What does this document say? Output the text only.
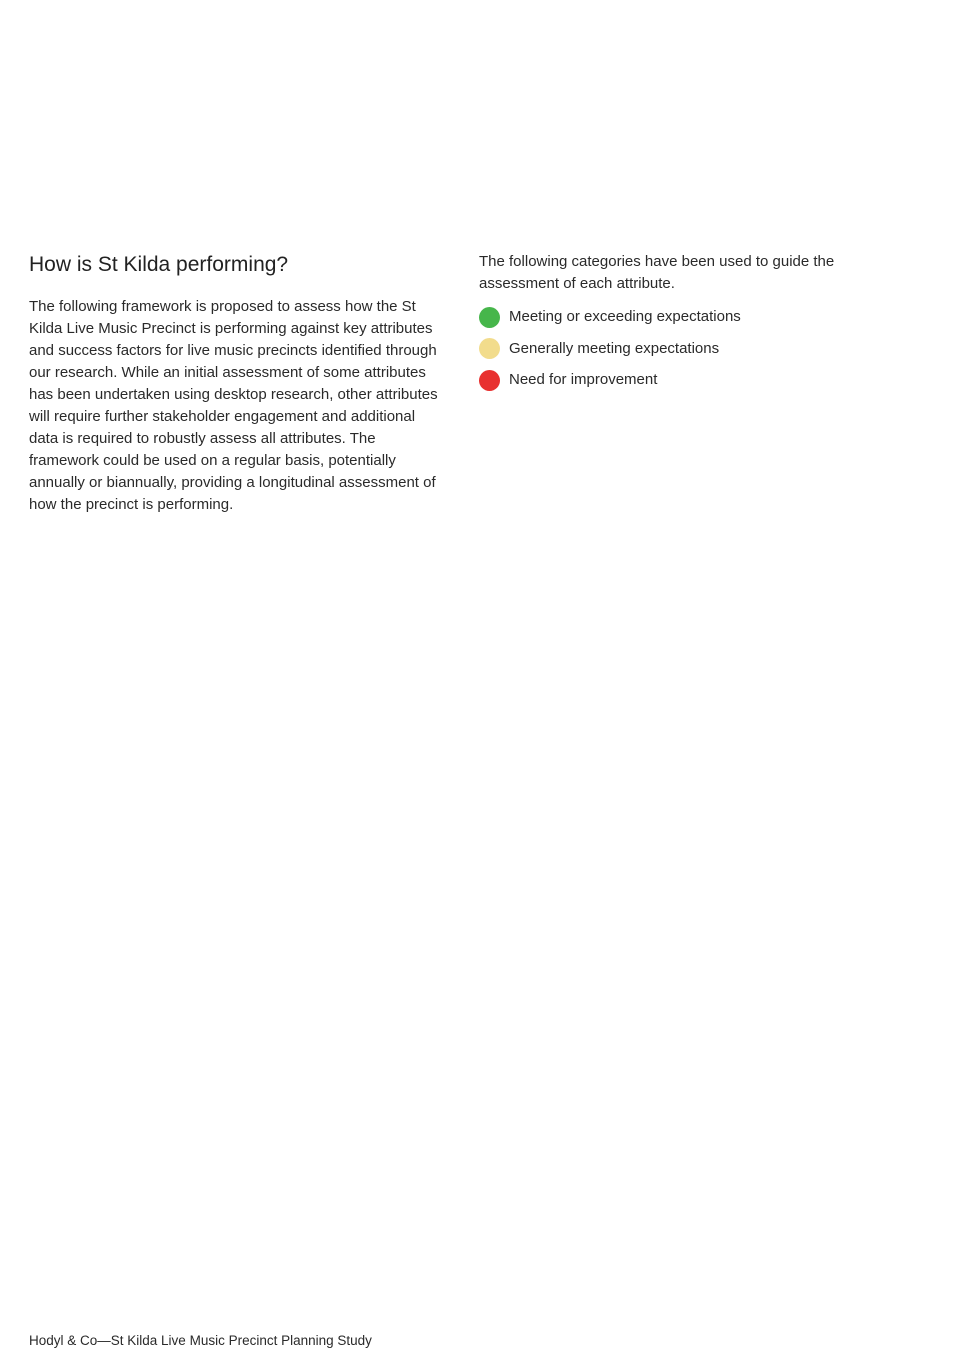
How is St Kilda performing?

The following framework is proposed to assess how the St Kilda Live Music Precinct is performing against key attributes and success factors for live music precincts identified through our research. While an initial assessment of some attributes has been undertaken using desktop research, other attributes will require further stakeholder engagement and additional data is required to robustly assess all attributes. The framework could be used on a regular basis, potentially annually or biannually, providing a longitudinal assessment of how the precinct is performing.

The following categories have been used to guide the assessment of each attribute.

Meeting or exceeding expectations
Generally meeting expectations
Need for improvement
Hodyl & Co—St Kilda Live Music Precinct Planning Study
